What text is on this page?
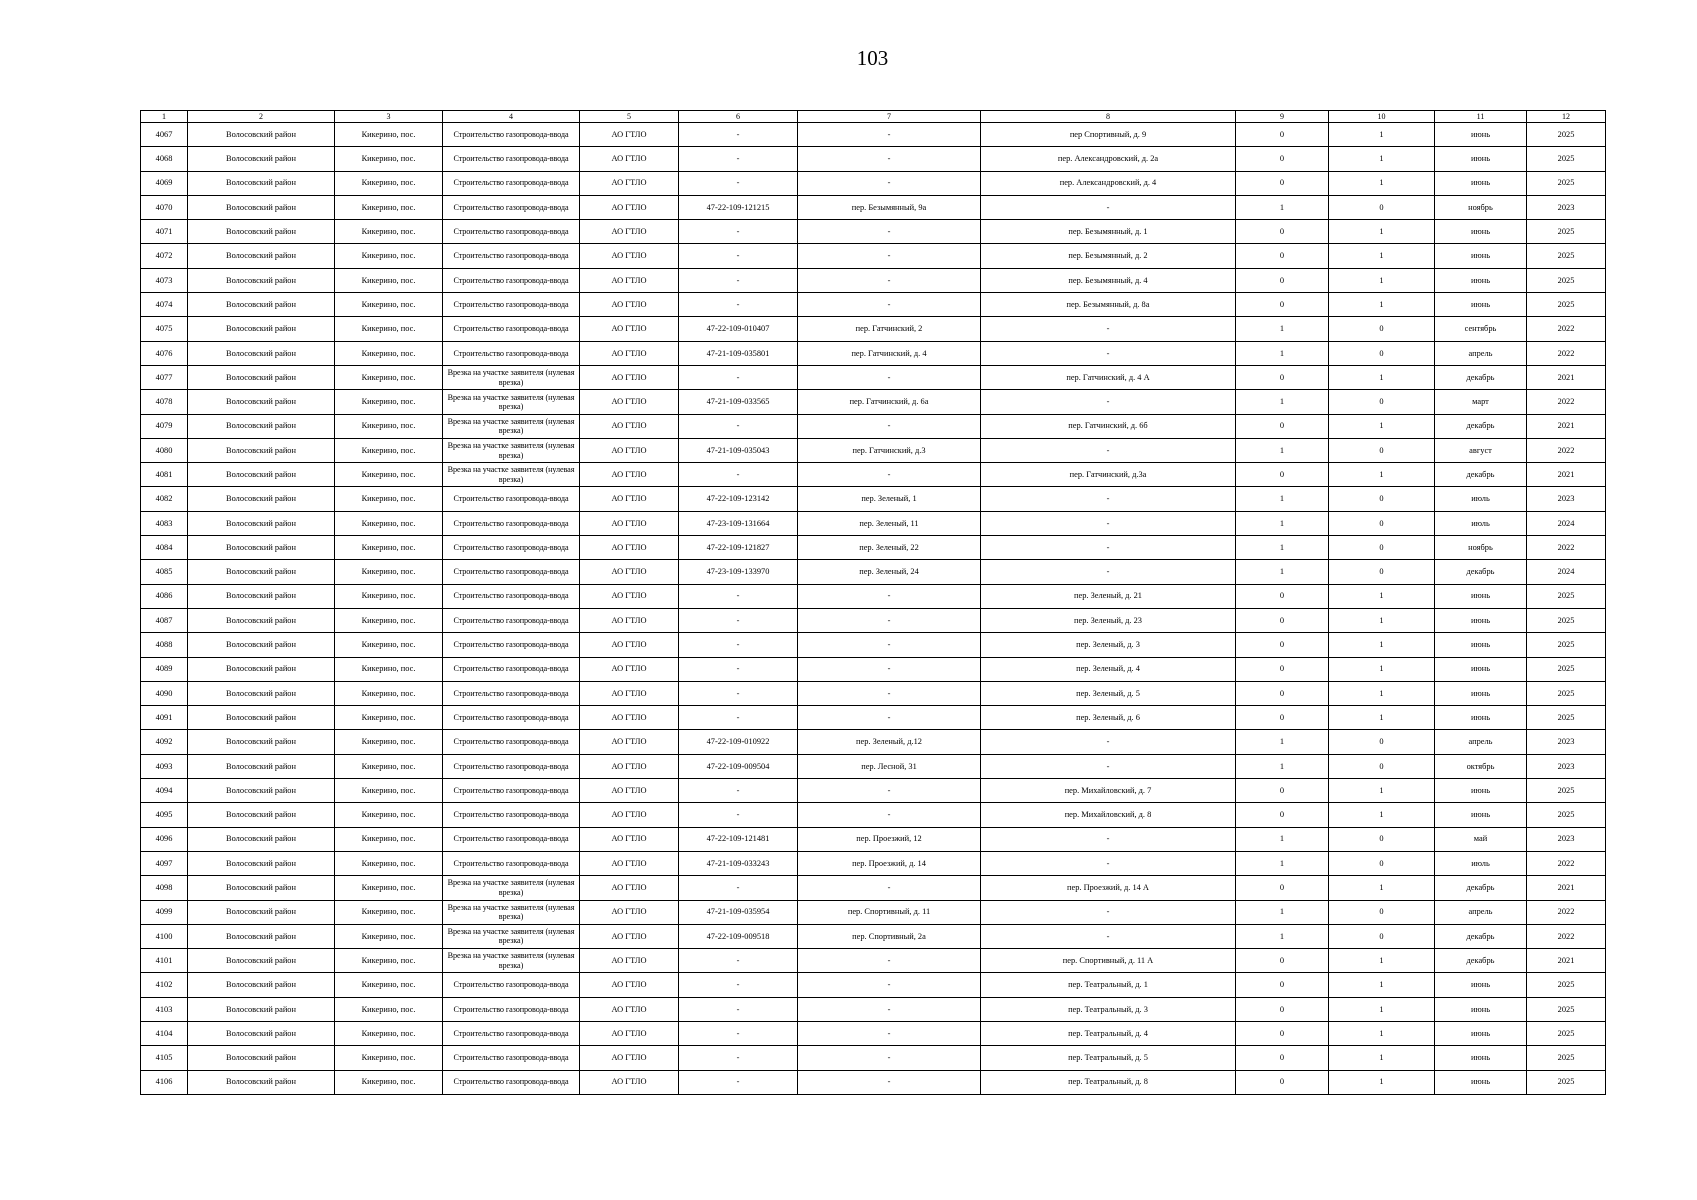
103
1	2	3	4	5	6	7	8	9	10	11	12
4067	Волосовский район	Кикерино, пос.	Строительство газопровода-ввода	АО ГТЛО	-	-	пер Спортивный, д. 9	0	1	июнь	2025
4068	Волосовский район	Кикерино, пос.	Строительство газопровода-ввода	АО ГТЛО	-	-	пер. Александровский, д. 2а	0	1	июнь	2025
4069	Волосовский район	Кикерино, пос.	Строительство газопровода-ввода	АО ГТЛО	-	-	пер. Александровский, д. 4	0	1	июнь	2025
4070	Волосовский район	Кикерино, пос.	Строительство газопровода-ввода	АО ГТЛО	47-22-109-121215	пер. Безымянный, 9а	-	1	0	ноябрь	2023
4071	Волосовский район	Кикерино, пос.	Строительство газопровода-ввода	АО ГТЛО	-	-	пер. Безымянный, д. 1	0	1	июнь	2025
4072	Волосовский район	Кикерино, пос.	Строительство газопровода-ввода	АО ГТЛО	-	-	пер. Безымянный, д. 2	0	1	июнь	2025
4073	Волосовский район	Кикерино, пос.	Строительство газопровода-ввода	АО ГТЛО	-	-	пер. Безымянный, д. 4	0	1	июнь	2025
4074	Волосовский район	Кикерино, пос.	Строительство газопровода-ввода	АО ГТЛО	-	-	пер. Безымянный, д. 8а	0	1	июнь	2025
4075	Волосовский район	Кикерино, пос.	Строительство газопровода-ввода	АО ГТЛО	47-22-109-010407	пер. Гатчинский, 2	-	1	0	сентябрь	2022
4076	Волосовский район	Кикерино, пос.	Строительство газопровода-ввода	АО ГТЛО	47-21-109-035801	пер. Гатчинский, д. 4	-	1	0	апрель	2022
4077	Волосовский район	Кикерино, пос.	Врезка на участке заявителя (нулевая врезка)	АО ГТЛО	-	-	пер. Гатчинский, д. 4 А	0	1	декабрь	2021
4078	Волосовский район	Кикерино, пос.	Врезка на участке заявителя (нулевая врезка)	АО ГТЛО	47-21-109-033565	пер. Гатчинский, д. 6а	-	1	0	март	2022
4079	Волосовский район	Кикерино, пос.	Врезка на участке заявителя (нулевая врезка)	АО ГТЛО	-	-	пер. Гатчинский, д. 6б	0	1	декабрь	2021
4080	Волосовский район	Кикерино, пос.	Врезка на участке заявителя (нулевая врезка)	АО ГТЛО	47-21-109-035043	пер. Гатчинский, д.3	-	1	0	август	2022
4081	Волосовский район	Кикерино, пос.	Врезка на участке заявителя (нулевая врезка)	АО ГТЛО	-	-	пер. Гатчинский, д.3а	0	1	декабрь	2021
4082	Волосовский район	Кикерино, пос.	Строительство газопровода-ввода	АО ГТЛО	47-22-109-123142	пер. Зеленый, 1	-	1	0	июль	2023
4083	Волосовский район	Кикерино, пос.	Строительство газопровода-ввода	АО ГТЛО	47-23-109-131664	пер. Зеленый, 11	-	1	0	июль	2024
4084	Волосовский район	Кикерино, пос.	Строительство газопровода-ввода	АО ГТЛО	47-22-109-121827	пер. Зеленый, 22	-	1	0	ноябрь	2022
4085	Волосовский район	Кикерино, пос.	Строительство газопровода-ввода	АО ГТЛО	47-23-109-133970	пер. Зеленый, 24	-	1	0	декабрь	2024
4086	Волосовский район	Кикерино, пос.	Строительство газопровода-ввода	АО ГТЛО	-	-	пер. Зеленый, д. 21	0	1	июнь	2025
4087	Волосовский район	Кикерино, пос.	Строительство газопровода-ввода	АО ГТЛО	-	-	пер. Зеленый, д. 23	0	1	июнь	2025
4088	Волосовский район	Кикерино, пос.	Строительство газопровода-ввода	АО ГТЛО	-	-	пер. Зеленый, д. 3	0	1	июнь	2025
4089	Волосовский район	Кикерино, пос.	Строительство газопровода-ввода	АО ГТЛО	-	-	пер. Зеленый, д. 4	0	1	июнь	2025
4090	Волосовский район	Кикерино, пос.	Строительство газопровода-ввода	АО ГТЛО	-	-	пер. Зеленый, д. 5	0	1	июнь	2025
4091	Волосовский район	Кикерино, пос.	Строительство газопровода-ввода	АО ГТЛО	-	-	пер. Зеленый, д. 6	0	1	июнь	2025
4092	Волосовский район	Кикерино, пос.	Строительство газопровода-ввода	АО ГТЛО	47-22-109-010922	пер. Зеленый, д.12	-	1	0	апрель	2023
4093	Волосовский район	Кикерино, пос.	Строительство газопровода-ввода	АО ГТЛО	47-22-109-009504	пер. Лесной, 31	-	1	0	октябрь	2023
4094	Волосовский район	Кикерино, пос.	Строительство газопровода-ввода	АО ГТЛО	-	-	пер. Михайловский, д. 7	0	1	июнь	2025
4095	Волосовский район	Кикерино, пос.	Строительство газопровода-ввода	АО ГТЛО	-	-	пер. Михайловский, д. 8	0	1	июнь	2025
4096	Волосовский район	Кикерино, пос.	Строительство газопровода-ввода	АО ГТЛО	47-22-109-121481	пер. Проезжий, 12	-	1	0	май	2023
4097	Волосовский район	Кикерино, пос.	Строительство газопровода-ввода	АО ГТЛО	47-21-109-033243	пер. Проезжий, д. 14	-	1	0	июль	2022
4098	Волосовский район	Кикерино, пос.	Врезка на участке заявителя (нулевая врезка)	АО ГТЛО	-	-	пер. Проезжий, д. 14 А	0	1	декабрь	2021
4099	Волосовский район	Кикерино, пос.	Врезка на участке заявителя (нулевая врезка)	АО ГТЛО	47-21-109-035954	пер. Спортивный, д. 11	-	1	0	апрель	2022
4100	Волосовский район	Кикерино, пос.	Врезка на участке заявителя (нулевая врезка)	АО ГТЛО	47-22-109-009518	пер. Спортивный, 2а	-	1	0	декабрь	2022
4101	Волосовский район	Кикерино, пос.	Врезка на участке заявителя (нулевая врезка)	АО ГТЛО	-	-	пер. Спортивный, д. 11 А	0	1	декабрь	2021
4102	Волосовский район	Кикерино, пос.	Строительство газопровода-ввода	АО ГТЛО	-	-	пер. Театральный, д. 1	0	1	июнь	2025
4103	Волосовский район	Кикерино, пос.	Строительство газопровода-ввода	АО ГТЛО	-	-	пер. Театральный, д. 3	0	1	июнь	2025
4104	Волосовский район	Кикерино, пос.	Строительство газопровода-ввода	АО ГТЛО	-	-	пер. Театральный, д. 4	0	1	июнь	2025
4105	Волосовский район	Кикерино, пос.	Строительство газопровода-ввода	АО ГТЛО	-	-	пер. Театральный, д. 5	0	1	июнь	2025
4106	Волосовский район	Кикерино, пос.	Строительство газопровода-ввода	АО ГТЛО	-	-	пер. Театральный, д. 8	0	1	июнь	2025
